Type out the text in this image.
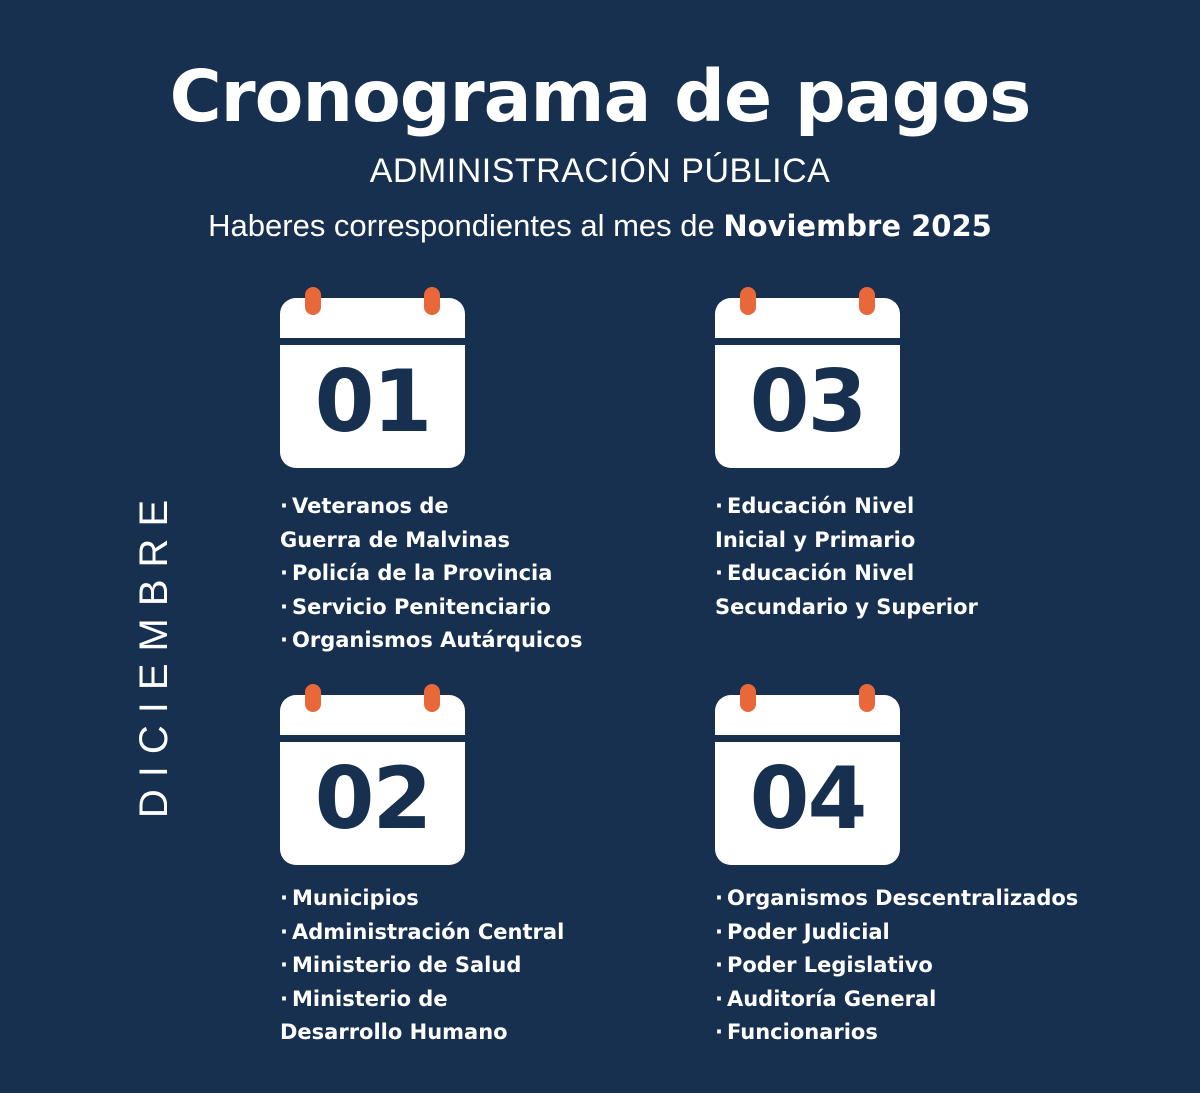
Cronograma de pagos
ADMINISTRACIÓN PÚBLICA
Haberes correspondientes al mes de Noviembre 2025
DICIEMBRE
01
· Veteranos de
Guerra de Malvinas
· Policía de la Provincia
· Servicio Penitenciario
· Organismos Autárquicos
03
· Educación Nivel
Inicial y Primario
· Educación Nivel
Secundario y Superior
02
· Municipios
· Administración Central
· Ministerio de Salud
· Ministerio de
Desarrollo Humano
04
· Organismos Descentralizados
· Poder Judicial
· Poder Legislativo
· Auditoría General
· Funcionarios
